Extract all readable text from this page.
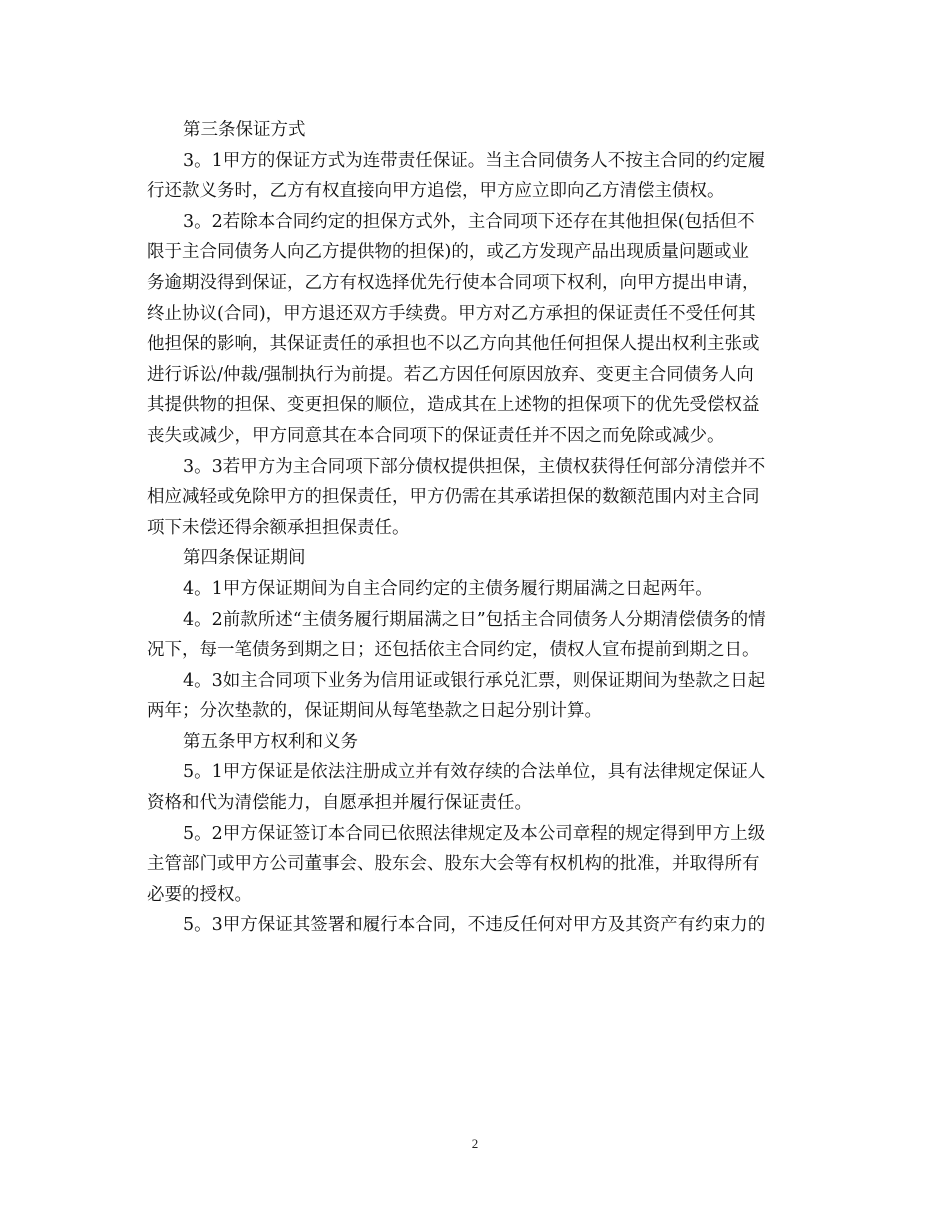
第三条保证方式
3。1甲方的保证方式为连带责任保证。当主合同债务人不按主合同的约定履
行还款义务时，乙方有权直接向甲方追偿，甲方应立即向乙方清偿主债权。
3。2若除本合同约定的担保方式外，主合同项下还存在其他担保(包括但不
限于主合同债务人向乙方提供物的担保)的，或乙方发现产品出现质量问题或业
务逾期没得到保证，乙方有权选择优先行使本合同项下权利，向甲方提出申请，
终止协议(合同)，甲方退还双方手续费。甲方对乙方承担的保证责任不受任何其
他担保的影响，其保证责任的承担也不以乙方向其他任何担保人提出权利主张或
进行诉讼/仲裁/强制执行为前提。若乙方因任何原因放弃、变更主合同债务人向
其提供物的担保、变更担保的顺位，造成其在上述物的担保项下的优先受偿权益
丧失或减少，甲方同意其在本合同项下的保证责任并不因之而免除或减少。
3。3若甲方为主合同项下部分债权提供担保，主债权获得任何部分清偿并不
相应减轻或免除甲方的担保责任，甲方仍需在其承诺担保的数额范围内对主合同
项下未偿还得余额承担担保责任。
第四条保证期间
4。1甲方保证期间为自主合同约定的主债务履行期届满之日起两年。
4。2前款所述“主债务履行期届满之日”包括主合同债务人分期清偿债务的情
况下，每一笔债务到期之日；还包括依主合同约定，债权人宣布提前到期之日。
4。3如主合同项下业务为信用证或银行承兑汇票，则保证期间为垫款之日起
两年；分次垫款的，保证期间从每笔垫款之日起分别计算。
第五条甲方权利和义务
5。1甲方保证是依法注册成立并有效存续的合法单位，具有法律规定保证人
资格和代为清偿能力，自愿承担并履行保证责任。
5。2甲方保证签订本合同已依照法律规定及本公司章程的规定得到甲方上级
主管部门或甲方公司董事会、股东会、股东大会等有权机构的批准，并取得所有
必要的授权。
5。3甲方保证其签署和履行本合同，不违反任何对甲方及其资产有约束力的
2
